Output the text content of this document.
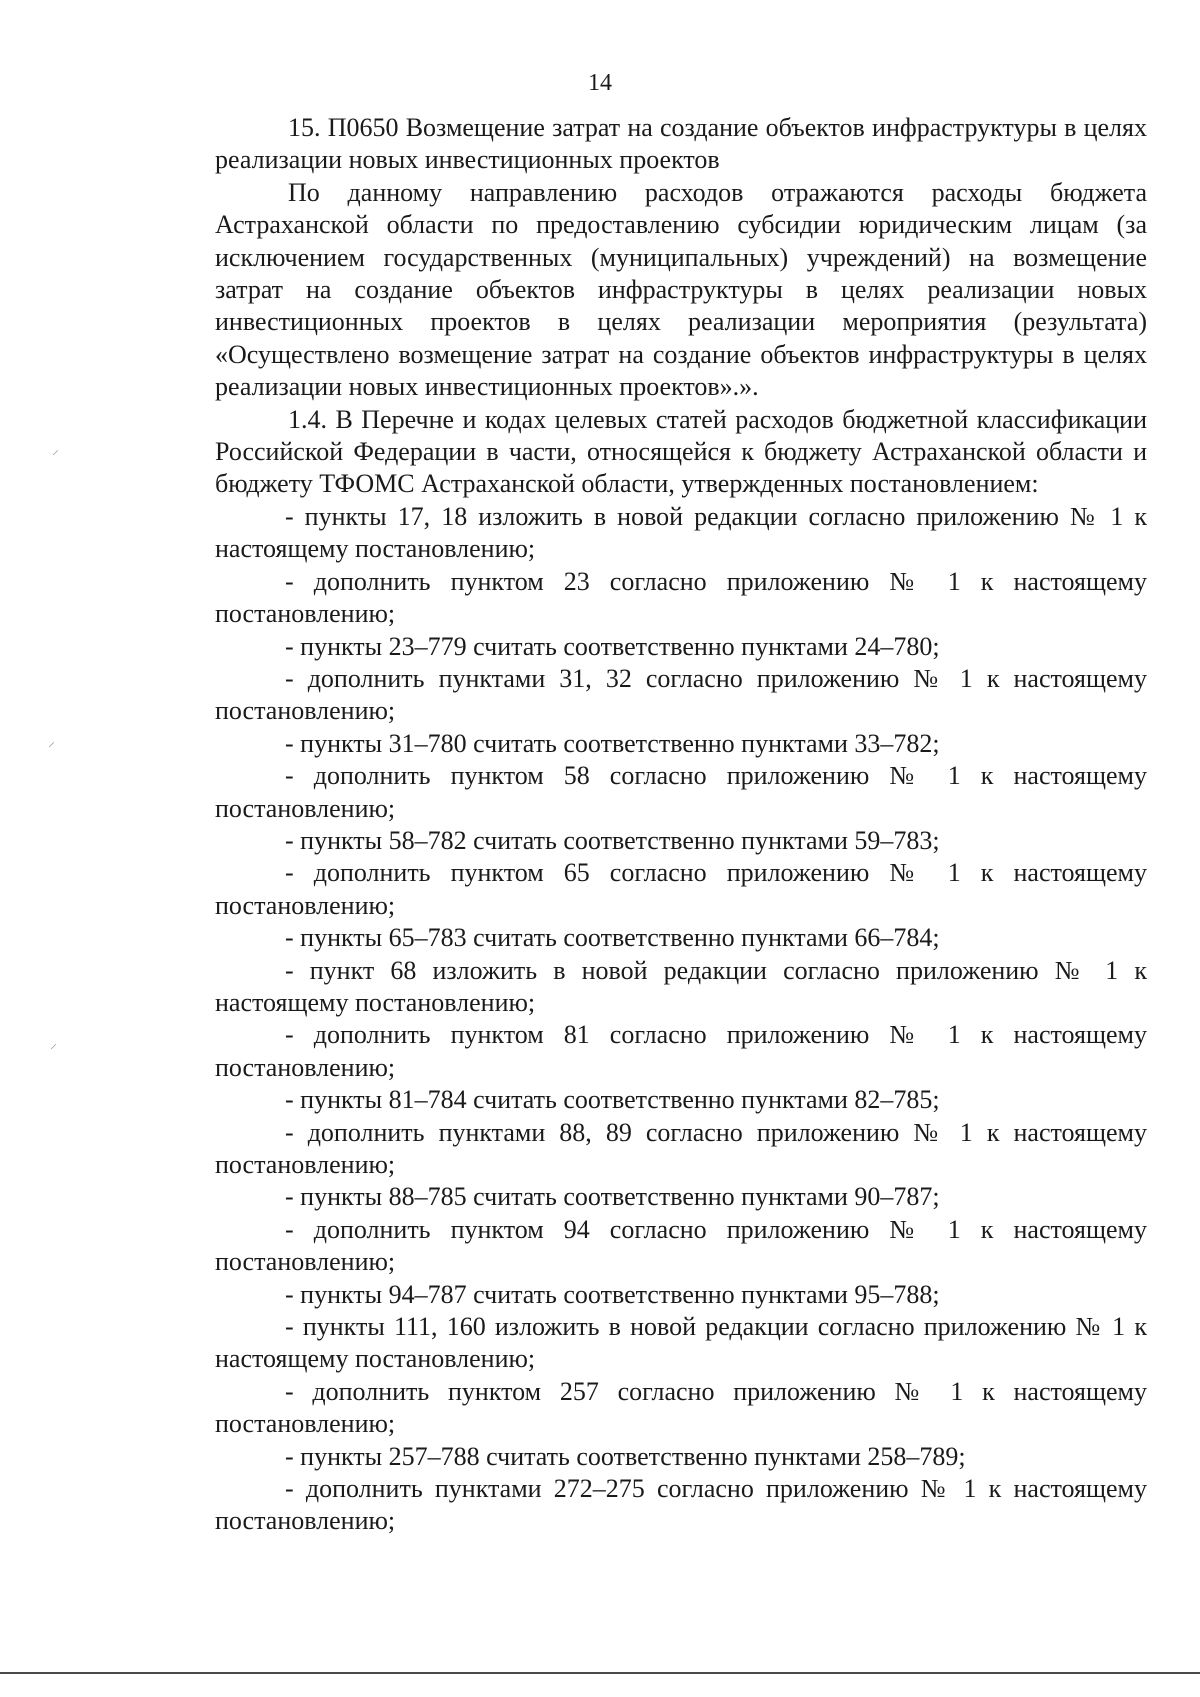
14

15. П0650 Возмещение затрат на создание объектов инфраструктуры в целях реализации новых инвестиционных проектов

По данному направлению расходов отражаются расходы бюджета Астраханской области по предоставлению субсидии юридическим лицам (за исключением государственных (муниципальных) учреждений) на возмещение затрат на создание объектов инфраструктуры в целях реализации новых инвестиционных проектов в целях реализации мероприятия (результата) «Осуществлено возмещение затрат на создание объектов инфраструктуры в целях реализации новых инвестиционных проектов».».

1.4. В Перечне и кодах целевых статей расходов бюджетной классификации Российской Федерации в части, относящейся к бюджету Астраханской области и бюджету ТФОМС Астраханской области, утвержденных постановлением:

- пункты 17, 18 изложить в новой редакции согласно приложению № 1 к настоящему постановлению;

- дополнить пунктом 23 согласно приложению № 1 к настоящему постановлению;

- пункты 23–779 считать соответственно пунктами 24–780;

- дополнить пунктами 31, 32 согласно приложению № 1 к настоящему постановлению;

- пункты 31–780 считать соответственно пунктами 33–782;

- дополнить пунктом 58 согласно приложению № 1 к настоящему постановлению;

- пункты 58–782 считать соответственно пунктами 59–783;

- дополнить пунктом 65 согласно приложению № 1 к настоящему постановлению;

- пункты 65–783 считать соответственно пунктами 66–784;

- пункт 68 изложить в новой редакции согласно приложению № 1 к настоящему постановлению;

- дополнить пунктом 81 согласно приложению № 1 к настоящему постановлению;

- пункты 81–784 считать соответственно пунктами 82–785;

- дополнить пунктами 88, 89 согласно приложению № 1 к настоящему постановлению;

- пункты 88–785 считать соответственно пунктами 90–787;

- дополнить пунктом 94 согласно приложению № 1 к настоящему постановлению;

- пункты 94–787 считать соответственно пунктами 95–788;

- пункты 111, 160 изложить в новой редакции согласно приложению № 1 к настоящему постановлению;

- дополнить пунктом 257 согласно приложению № 1 к настоящему постановлению;

- пункты 257–788 считать соответственно пунктами 258–789;

- дополнить пунктами 272–275 согласно приложению № 1 к настоящему постановлению;

⸍
⸍
⸍
